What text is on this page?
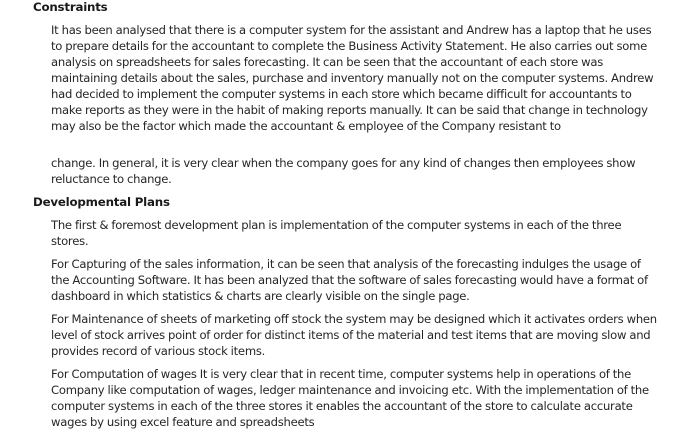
Constraints

It has been analysed that there is a computer system for the assistant and Andrew has a laptop that he uses to prepare details for the accountant to complete the Business Activity Statement. He also carries out some analysis on spreadsheets for sales forecasting. It can be seen that the accountant of each store was maintaining details about the sales, purchase and inventory manually not on the computer systems. Andrew had decided to implement the computer systems in each store which became difficult for accountants to make reports as they were in the habit of making reports manually. It can be said that change in technology may also be the factor which made the accountant & employee of the Company resistant to

change. In general, it is very clear when the company goes for any kind of changes then employees show reluctance to change.

Developmental Plans

The first & foremost development plan is implementation of the computer systems in each of the three stores.

For Capturing of the sales information, it can be seen that analysis of the forecasting indulges the usage of the Accounting Software. It has been analyzed that the software of sales forecasting would have a format of dashboard in which statistics & charts are clearly visible on the single page.

For Maintenance of sheets of marketing off stock the system may be designed which it activates orders when level of stock arrives point of order for distinct items of the material and test items that are moving slow and provides record of various stock items.

For Computation of wages It is very clear that in recent time, computer systems help in operations of the Company like computation of wages, ledger maintenance and invoicing etc. With the implementation of the computer systems in each of the three stores it enables the accountant of the store to calculate accurate wages by using excel feature and spreadsheets
